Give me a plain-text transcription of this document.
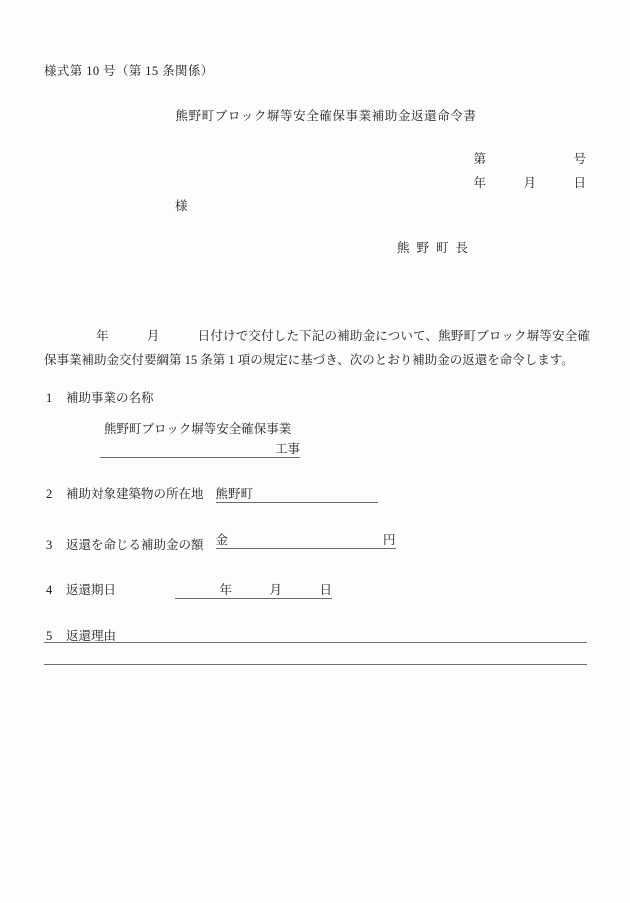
様式第 10 号（第 15 条関係）
熊野町ブロック塀等安全確保事業補助金返還命令書
第　　　　　　　号
年　　　月　　　日
様
熊野町長
年　　　月　　　日付けで交付した下記の補助金について、熊野町ブロック塀等安全確保事業補助金交付要綱第 15 条第 1 項の規定に基づき、次のとおり補助金の返還を命令します。
1	補助事業の名称
熊野町ブロック塀等安全確保事業
工事
2	補助対象建築物の所在地 熊野町
3	返還を命じる補助金の額 金	円
4	返還期日	年　　　月　　　日
5	返還理由
